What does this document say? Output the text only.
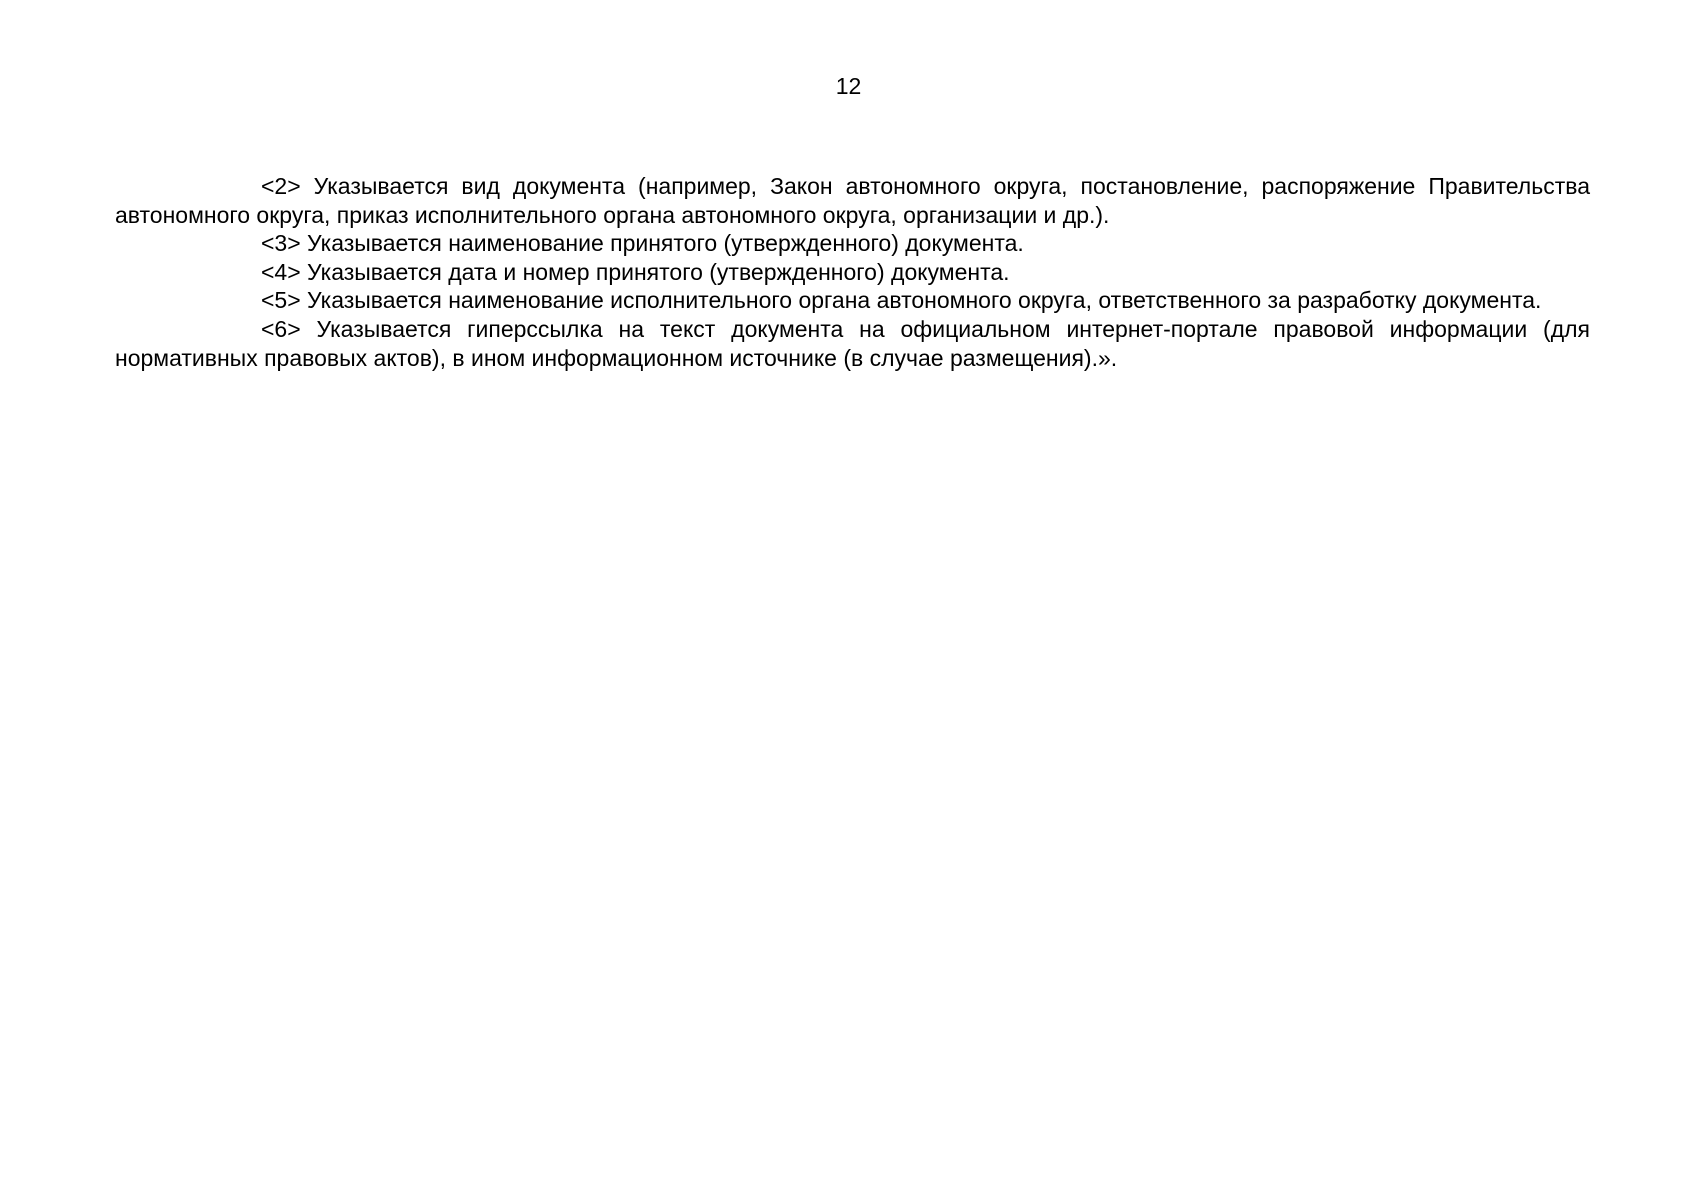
12

<2> Указывается вид документа (например, Закон автономного округа, постановление, распоряжение Правительства автономного округа, приказ исполнительного органа автономного округа, организации и др.).

<3> Указывается наименование принятого (утвержденного) документа.

<4> Указывается дата и номер принятого (утвержденного) документа.

<5> Указывается наименование исполнительного органа автономного округа, ответственного за разработку документа.

<6> Указывается гиперссылка на текст документа на официальном интернет-портале правовой информации (для нормативных правовых актов), в ином информационном источнике (в случае размещения).».
